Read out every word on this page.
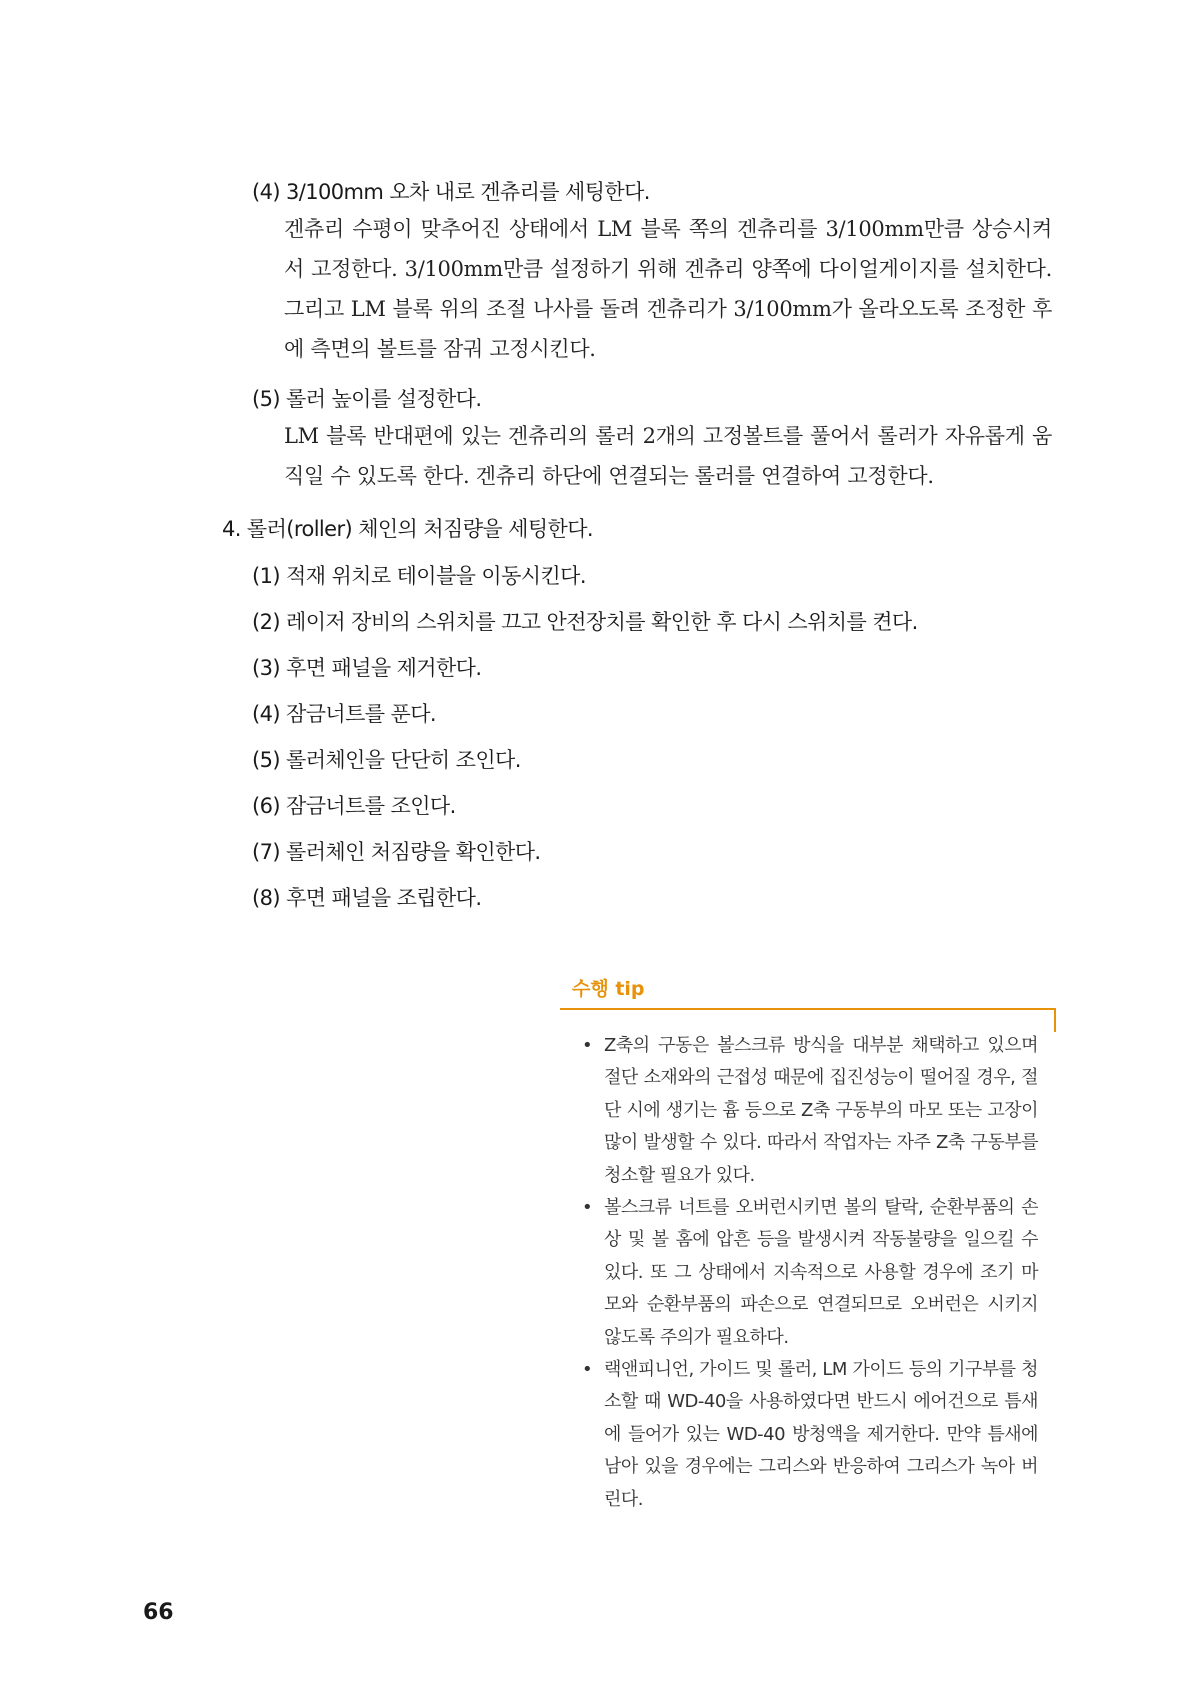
(4) 3/100mm 오차 내로 겐츄리를 세팅한다.
겐츄리 수평이 맞추어진 상태에서 LM 블록 쪽의 겐츄리를 3/100mm만큼 상승시켜서 고정한다. 3/100mm만큼 설정하기 위해 겐츄리 양쪽에 다이얼게이지를 설치한다. 그리고 LM 블록 위의 조절 나사를 돌려 겐츄리가 3/100mm가 올라오도록 조정한 후에 측면의 볼트를 잠궈 고정시킨다.
(5) 롤러 높이를 설정한다.
LM 블록 반대편에 있는 겐츄리의 롤러 2개의 고정볼트를 풀어서 롤러가 자유롭게 움직일 수 있도록 한다. 겐츄리 하단에 연결되는 롤러를 연결하여 고정한다.
4. 롤러(roller) 체인의 처짐량을 세팅한다.
(1) 적재 위치로 테이블을 이동시킨다.
(2) 레이저 장비의 스위치를 끄고 안전장치를 확인한 후 다시 스위치를 켠다.
(3) 후면 패널을 제거한다.
(4) 잠금너트를 푼다.
(5) 롤러체인을 단단히 조인다.
(6) 잠금너트를 조인다.
(7) 롤러체인 처짐량을 확인한다.
(8) 후면 패널을 조립한다.
수행 tip
• Z축의 구동은 볼스크류 방식을 대부분 채택하고 있으며 절단 소재와의 근접성 때문에 집진성능이 떨어질 경우, 절단 시에 생기는 흄 등으로 Z축 구동부의 마모 또는 고장이 많이 발생할 수 있다. 따라서 작업자는 자주 Z축 구동부를 청소할 필요가 있다.
• 볼스크류 너트를 오버런시키면 볼의 탈락, 순환부품의 손상 및 볼 홈에 압흔 등을 발생시켜 작동불량을 일으킬 수 있다. 또 그 상태에서 지속적으로 사용할 경우에 조기 마모와 순환부품의 파손으로 연결되므로 오버런은 시키지 않도록 주의가 필요하다.
• 랙앤피니언, 가이드 및 롤러, LM 가이드 등의 기구부를 청소할 때 WD-40을 사용하였다면 반드시 에어건으로 틈새에 들어가 있는 WD-40 방청액을 제거한다. 만약 틈새에 남아 있을 경우에는 그리스와 반응하여 그리스가 녹아 버린다.
66
